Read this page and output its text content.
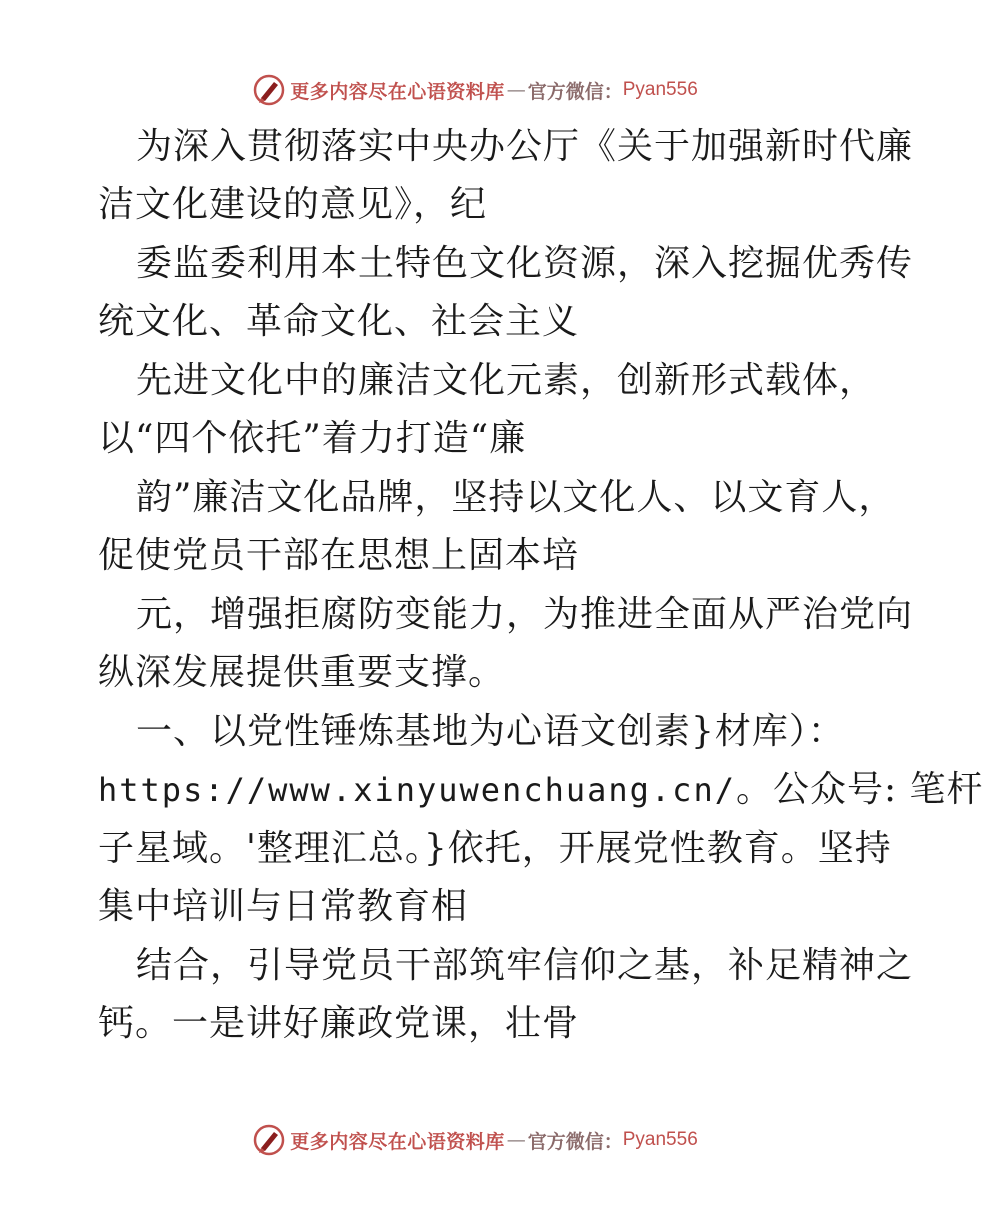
更多内容尽在心语资料库 — 官方微信： Pyan556
为深入贯彻落实中央办公厅《关于加强新时代廉
洁文化建设的意见》，纪
委监委利用本土特色文化资源，深入挖掘优秀传
统文化、革命文化、社会主义
先进文化中的廉洁文化元素，创新形式载体，
以“四个依托”着力打造“廉
韵”廉洁文化品牌，坚持以文化人、以文育人，
促使党员干部在思想上固本培
元，增强拒腐防变能力，为推进全面从严治党向
纵深发展提供重要支撑。
一、以党性锤炼基地为心语文创素}材库）：
https://www.xinyuwenchuang.cn/。公众号: 笔杆
子星域。'整理汇总。}依托，开展党性教育。坚持
集中培训与日常教育相
结合，引导党员干部筑牢信仰之基，补足精神之
钙。一是讲好廉政党课，壮骨
更多内容尽在心语资料库 — 官方微信： Pyan556
